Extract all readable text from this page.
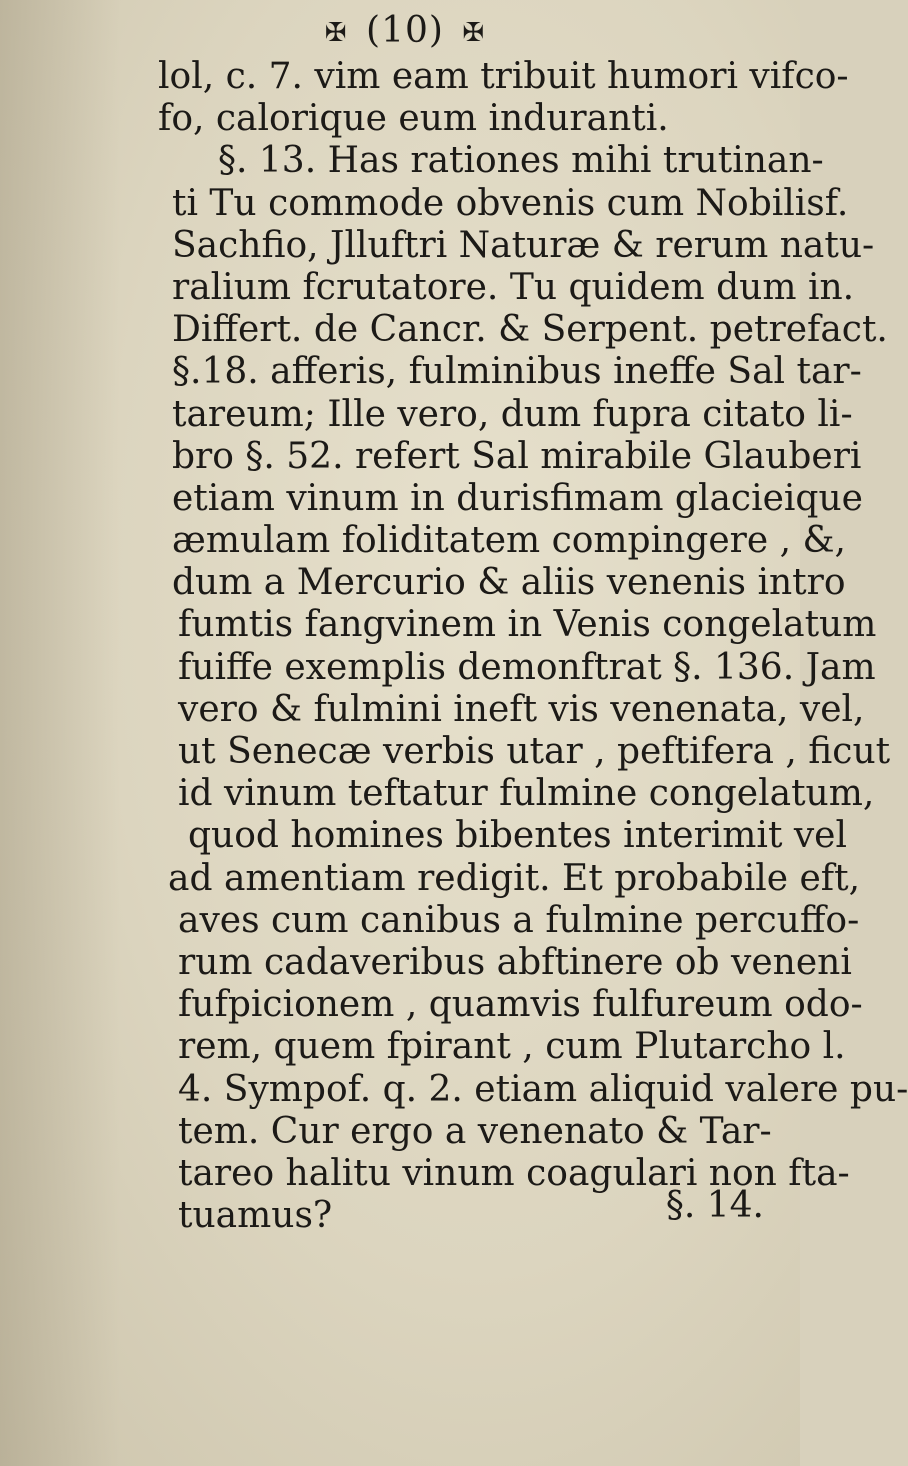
✠ (10) ✠
lol, c. 7. vim eam tribuit humori vifco-
fo, calorique eum induranti.
§. 13. Has rationes mihi trutinan-
ti Tu commode obvenis cum Nobilisf.
Sachfio, Jlluftri Naturæ & rerum natu-
ralium fcrutatore. Tu quidem dum in.
Differt. de Cancr. & Serpent. petrefact.
§.18. afferis, fulminibus ineffe Sal tar-
tareum; Ille vero, dum fupra citato li-
bro §. 52. refert Sal mirabile Glauberi
etiam vinum in durisfimam glacieique
æmulam foliditatem compingere , &,
dum a Mercurio & aliis venenis intro
fumtis fangvinem in Venis congelatum
fuiffe exemplis demonftrat §. 136. Jam
vero & fulmini ineft vis venenata, vel,
ut Senecæ verbis utar , peftifera , ficut
id vinum teftatur fulmine congelatum,
quod homines bibentes interimit vel
ad amentiam redigit. Et probabile eft,
aves cum canibus a fulmine percuffo-
rum cadaveribus abftinere ob veneni
fufpicionem , quamvis fulfureum odo-
rem, quem fpirant , cum Plutarcho l.
4. Sympof. q. 2. etiam aliquid valere pu-
tem. Cur ergo a venenato & Tar-
tareo halitu vinum coagulari non fta-
tuamus?	§. 14.
